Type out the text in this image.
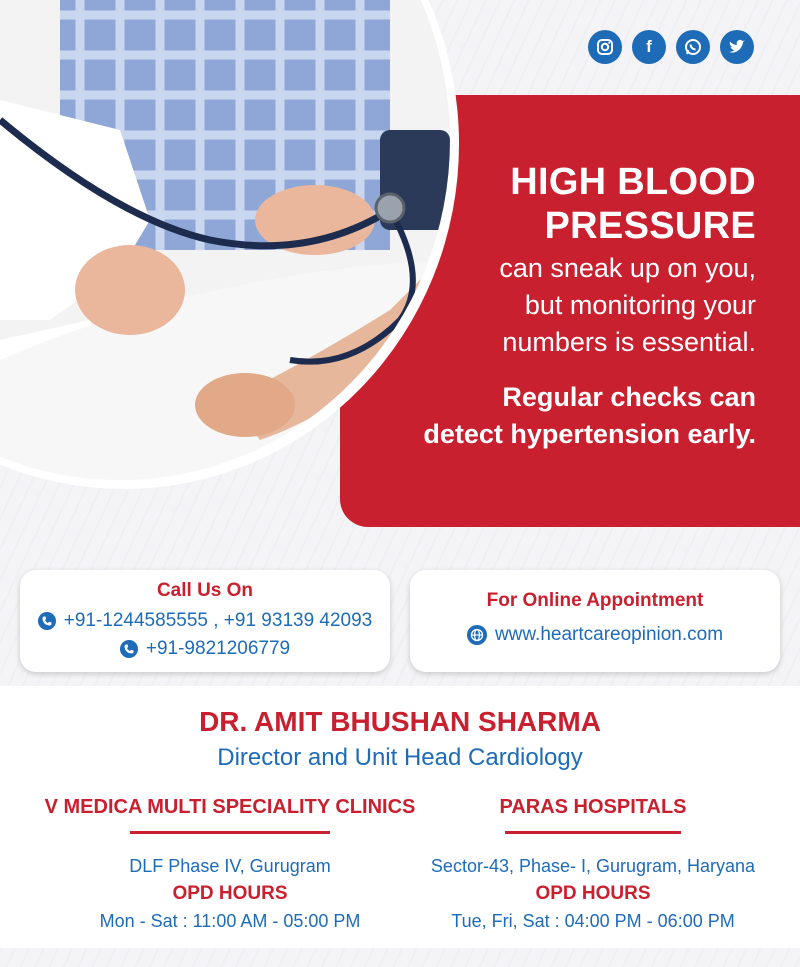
f
HIGH BLOOD
PRESSURE
can sneak up on you,
but monitoring your
numbers is essential.
Regular checks can
detect hypertension early.
Call Us On
+91-1244585555 , +91 93139 42093
+91-9821206779
For Online Appointment
www.heartcareopinion.com
DR. AMIT BHUSHAN SHARMA
Director and Unit Head Cardiology
V MEDICA MULTI SPECIALITY CLINICS
DLF Phase IV, Gurugram
OPD HOURS
Mon - Sat : 11:00 AM - 05:00 PM
PARAS HOSPITALS
Sector-43, Phase- I, Gurugram, Haryana
OPD HOURS
Tue, Fri, Sat : 04:00 PM - 06:00 PM
